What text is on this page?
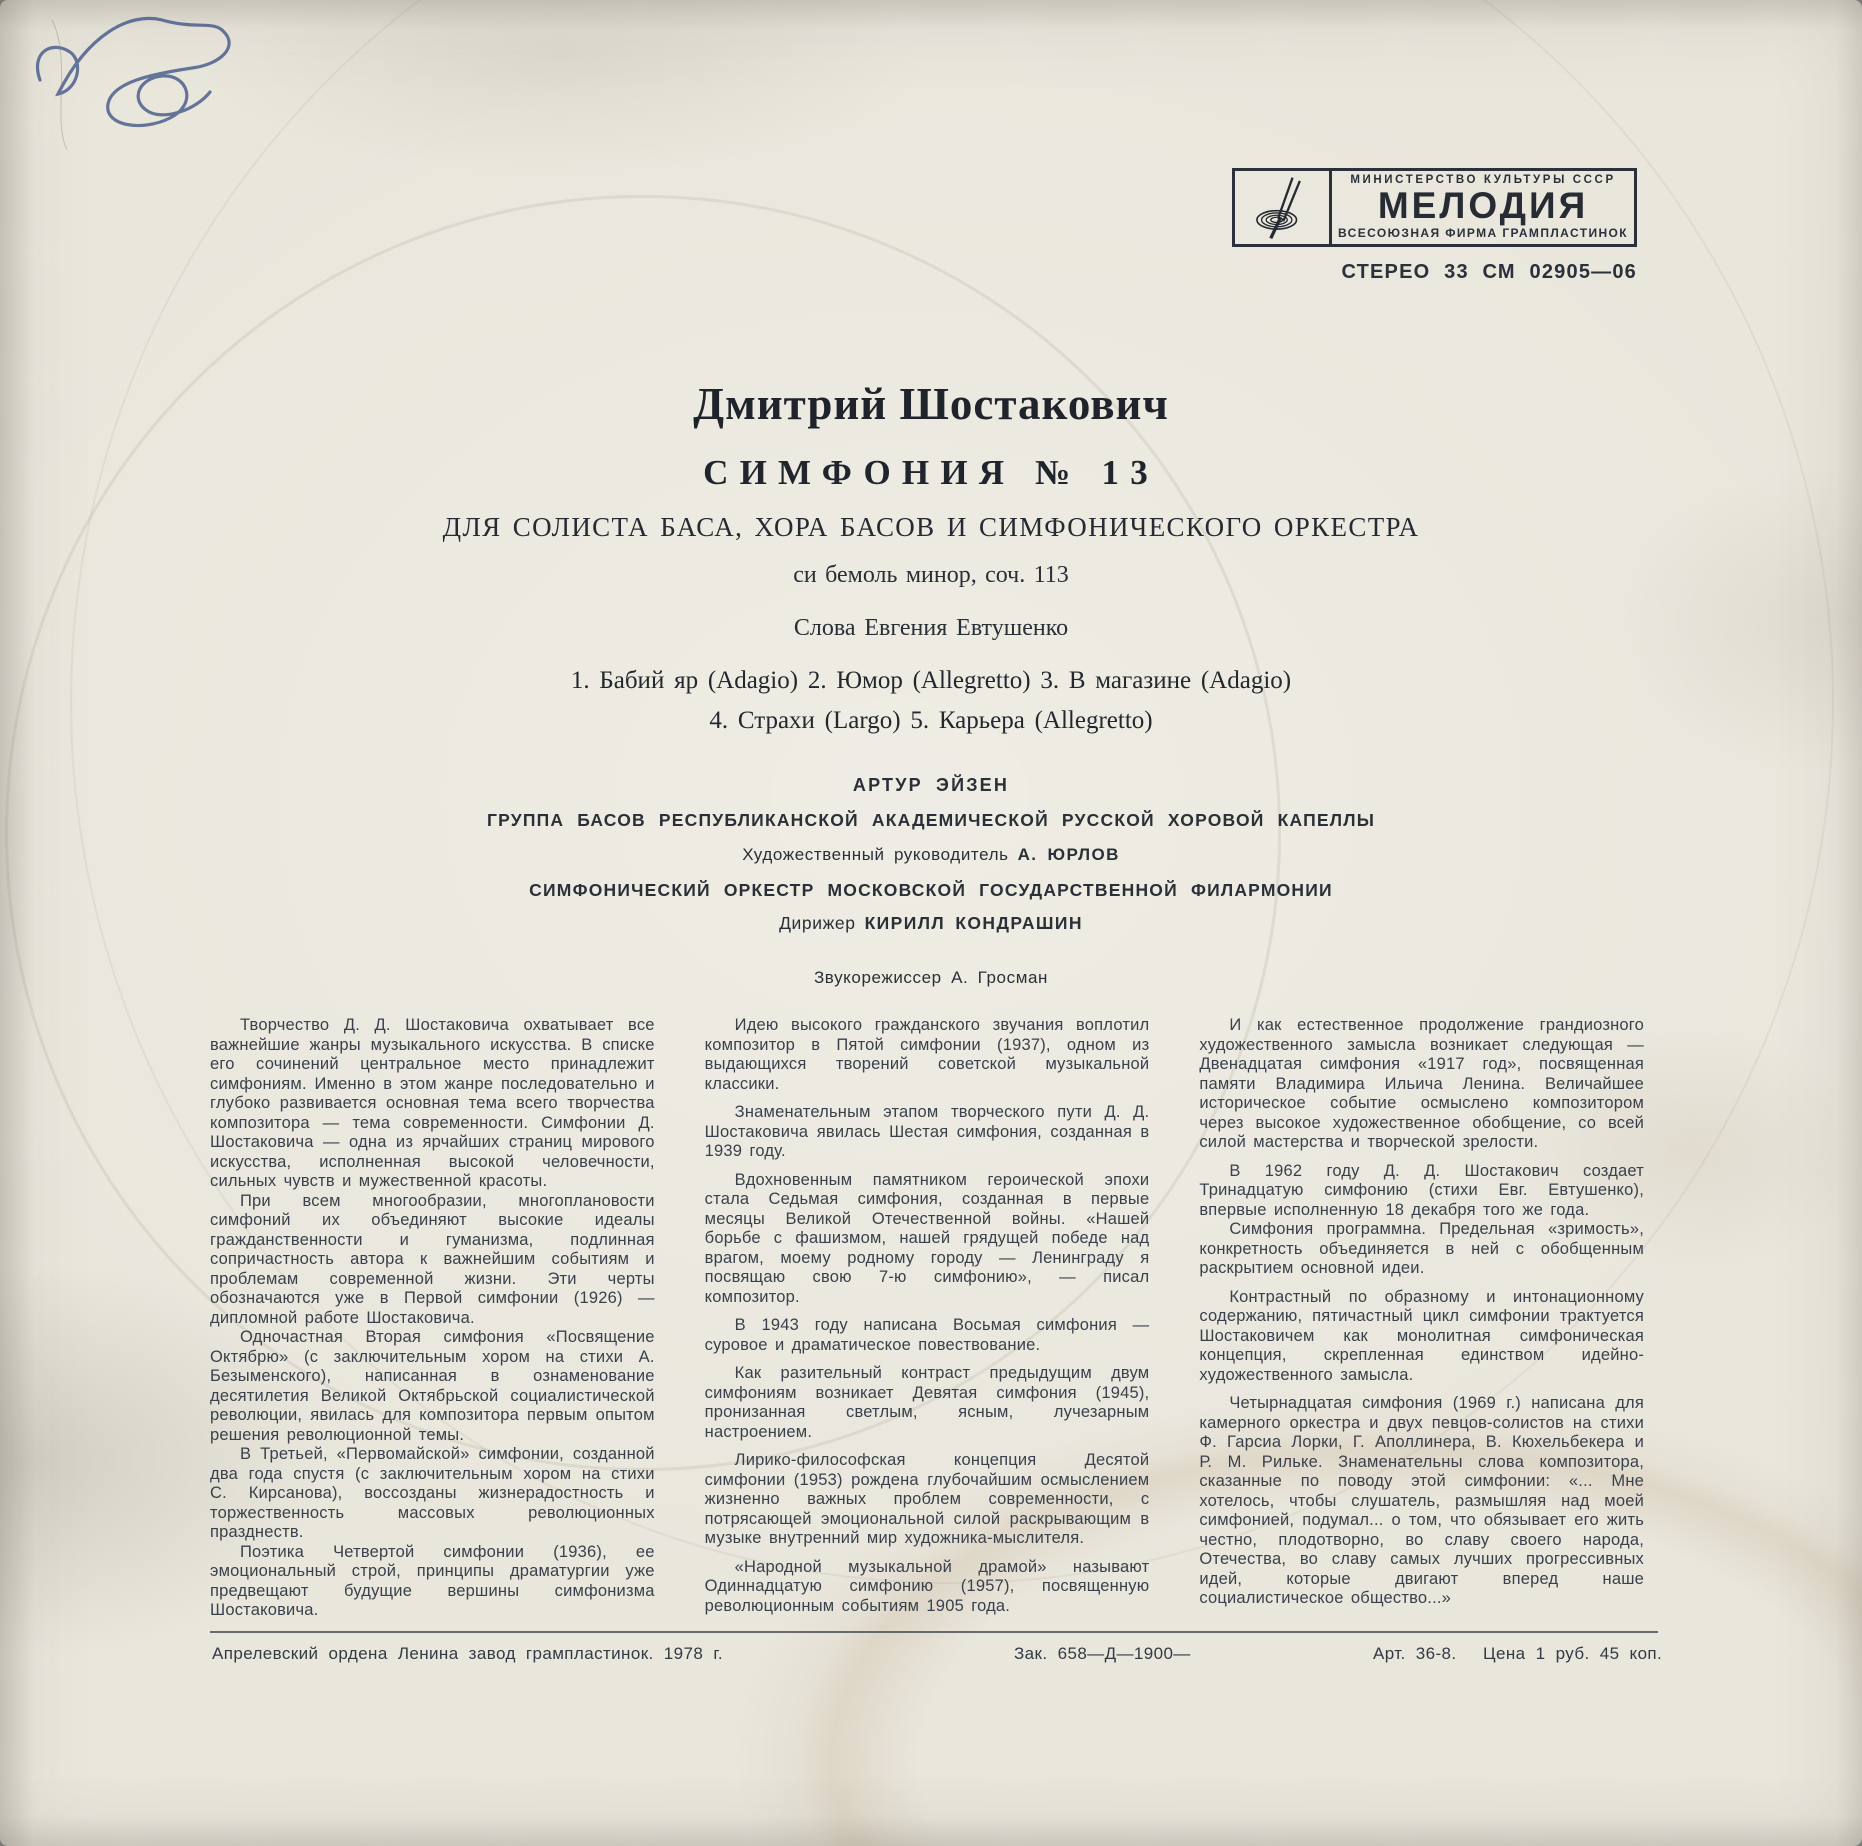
МИНИСТЕРСТВО КУЛЬТУРЫ СССР
МЕЛОДИЯ
ВСЕСОЮЗНАЯ ФИРМА ГРАМПЛАСТИНОК
СТЕРЕО 33 СМ 02905—06
Дмитрий Шостакович
СИМФОНИЯ № 13
ДЛЯ СОЛИСТА БАСА, ХОРА БАСОВ И СИМФОНИЧЕСКОГО ОРКЕСТРА
си бемоль минор, соч. 113
Слова Евгения Евтушенко
1. Бабий яр (Adagio) 2. Юмор (Allegretto) 3. В магазине (Adagio)
4. Страхи (Largo) 5. Карьера (Allegretto)
АРТУР ЭЙЗЕН
ГРУППА БАСОВ РЕСПУБЛИКАНСКОЙ АКАДЕМИЧЕСКОЙ РУССКОЙ ХОРОВОЙ КАПЕЛЛЫ
Художественный руководитель А. ЮРЛОВ
СИМФОНИЧЕСКИЙ ОРКЕСТР МОСКОВСКОЙ ГОСУДАРСТВЕННОЙ ФИЛАРМОНИИ
Дирижер КИРИЛЛ КОНДРАШИН
Звукорежиссер А. Гросман

Творчество Д. Д. Шостаковича охватывает все важнейшие жанры музыкального искусства. В списке его сочинений центральное место принадлежит симфониям. Именно в этом жанре последовательно и глубоко развивается основная тема всего творчества композитора — тема современности. Симфонии Д. Шостаковича — одна из ярчайших страниц мирового искусства, исполненная высокой человечности, сильных чувств и мужественной красоты.

При всем многообразии, многоплановости симфоний их объединяют высокие идеалы гражданственности и гуманизма, подлинная сопричастность автора к важнейшим событиям и проблемам современной жизни. Эти черты обозначаются уже в Первой симфонии (1926) — дипломной работе Шостаковича.

Одночастная Вторая симфония «Посвящение Октябрю» (с заключительным хором на стихи А. Безыменского), написанная в ознаменование десятилетия Великой Октябрьской социалистической революции, явилась для композитора первым опытом решения революционной темы.

В Третьей, «Первомайской» симфонии, созданной два года спустя (с заключительным хором на стихи С. Кирсанова), воссозданы жизнерадостность и торжественность массовых революционных празднеств.

Поэтика Четвертой симфонии (1936), ее эмоциональный строй, принципы драматургии уже предвещают будущие вершины симфонизма Шостаковича.

Идею высокого гражданского звучания воплотил композитор в Пятой симфонии (1937), одном из выдающихся творений советской музыкальной классики.

Знаменательным этапом творческого пути Д. Д. Шостаковича явилась Шестая симфония, созданная в 1939 году.

Вдохновенным памятником героической эпохи стала Седьмая симфония, созданная в первые месяцы Великой Отечественной войны. «Нашей борьбе с фашизмом, нашей грядущей победе над врагом, моему родному городу — Ленинграду я посвящаю свою 7-ю симфонию», — писал композитор.

В 1943 году написана Восьмая симфония — суровое и драматическое повествование.

Как разительный контраст предыдущим двум симфониям возникает Девятая симфония (1945), пронизанная светлым, ясным, лучезарным настроением.

Лирико-философская концепция Десятой симфонии (1953) рождена глубочайшим осмыслением жизненно важных проблем современности, с потрясающей эмоциональной силой раскрывающим в музыке внутренний мир художника-мыслителя.

«Народной музыкальной драмой» называют Одиннадцатую симфонию (1957), посвященную революционным событиям 1905 года.

И как естественное продолжение грандиозного художественного замысла возникает следующая — Двенадцатая симфония «1917 год», посвященная памяти Владимира Ильича Ленина. Величайшее историческое событие осмыслено композитором через высокое художественное обобщение, со всей силой мастерства и творческой зрелости.

В 1962 году Д. Д. Шостакович создает Тринадцатую симфонию (стихи Евг. Евтушенко), впервые исполненную 18 декабря того же года.

Симфония программна. Предельная «зримость», конкретность объединяется в ней с обобщенным раскрытием основной идеи.

Контрастный по образному и интонационному содержанию, пятичастный цикл симфонии трактуется Шостаковичем как монолитная симфоническая концепция, скрепленная единством идейно-художественного замысла.

Четырнадцатая симфония (1969 г.) написана для камерного оркестра и двух певцов-солистов на стихи Ф. Гарсиа Лорки, Г. Аполлинера, В. Кюхельбекера и Р. М. Рильке. Знаменательны слова композитора, сказанные по поводу этой симфонии: «... Мне хотелось, чтобы слушатель, размышляя над моей симфонией, подумал... о том, что обязывает его жить честно, плодотворно, во славу своего народа, Отечества, во славу самых лучших прогрессивных идей, которые двигают вперед наше социалистическое общество...»

Апрелевский ордена Ленина завод грампластинок. 1978 г.	Зак. 658—Д—1900—	Арт. 36-8. Цена 1 руб. 45 коп.
